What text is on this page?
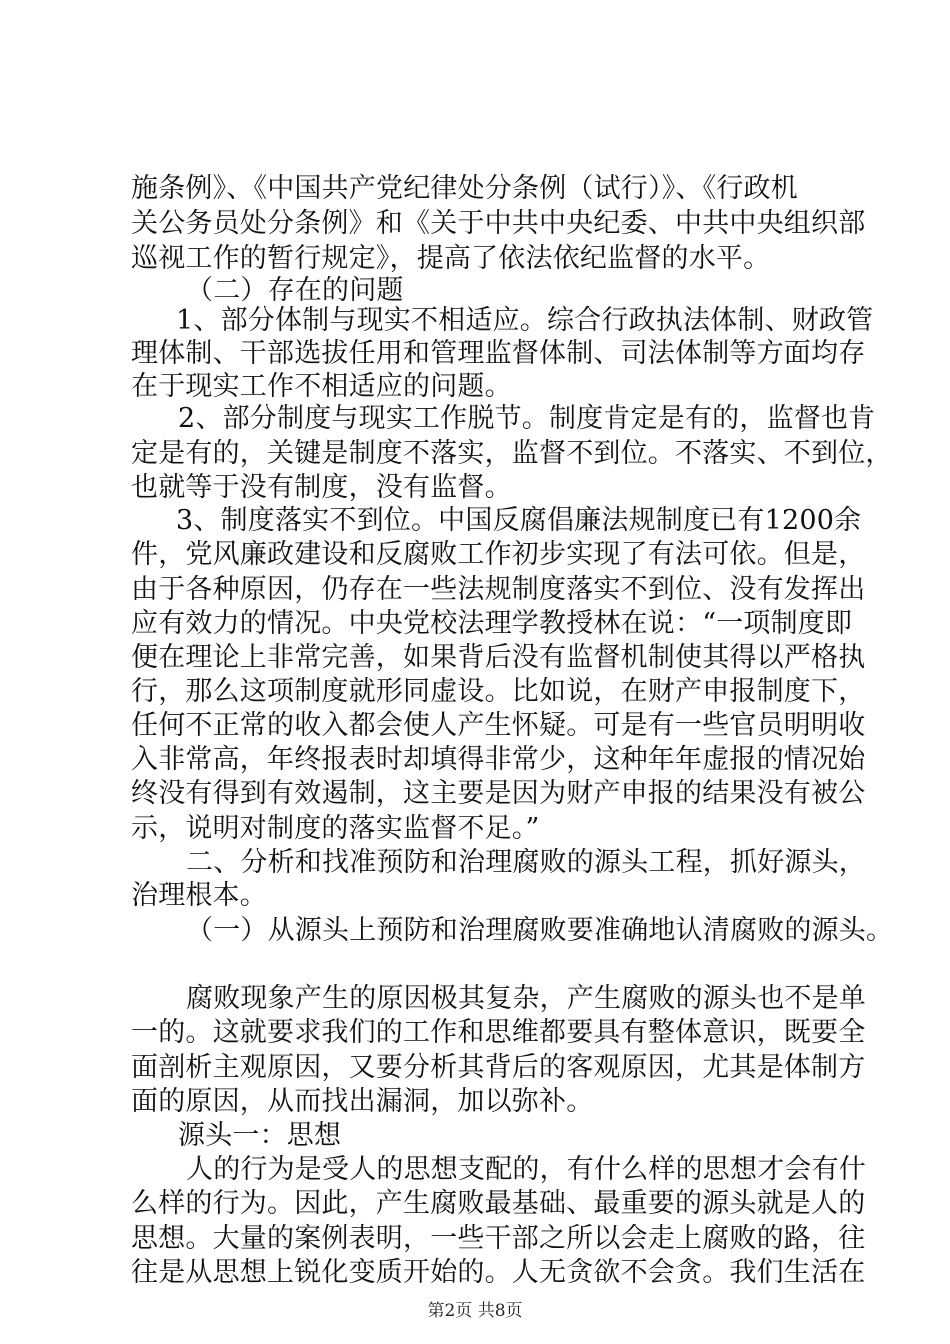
施条例》、《中国共产党纪律处分条例（试行）》、《行政机
关公务员处分条例》和《关于中共中央纪委、中共中央组织部
巡视工作的暂行规定》，提高了依法依纪监督的水平。
（二）存在的问题
1、部分体制与现实不相适应。综合行政执法体制、财政管
理体制、干部选拔任用和管理监督体制、司法体制等方面均存
在于现实工作不相适应的问题。
2、部分制度与现实工作脱节。制度肯定是有的，监督也肯
定是有的，关键是制度不落实，监督不到位。不落实、不到位，
也就等于没有制度，没有监督。
3、制度落实不到位。中国反腐倡廉法规制度已有1200余
件，党风廉政建设和反腐败工作初步实现了有法可依。但是，
由于各种原因，仍存在一些法规制度落实不到位、没有发挥出
应有效力的情况。中央党校法理学教授林在说：“一项制度即
便在理论上非常完善，如果背后没有监督机制使其得以严格执
行，那么这项制度就形同虚设。比如说，在财产申报制度下，
任何不正常的收入都会使人产生怀疑。可是有一些官员明明收
入非常高，年终报表时却填得非常少，这种年年虚报的情况始
终没有得到有效遏制，这主要是因为财产申报的结果没有被公
示，说明对制度的落实监督不足。”
二、分析和找准预防和治理腐败的源头工程，抓好源头，
治理根本。
（一）从源头上预防和治理腐败要准确地认清腐败的源头。
腐败现象产生的原因极其复杂，产生腐败的源头也不是单
一的。这就要求我们的工作和思维都要具有整体意识，既要全
面剖析主观原因，又要分析其背后的客观原因，尤其是体制方
面的原因，从而找出漏洞，加以弥补。
源头一：思想
人的行为是受人的思想支配的，有什么样的思想才会有什
么样的行为。因此，产生腐败最基础、最重要的源头就是人的
思想。大量的案例表明，一些干部之所以会走上腐败的路，往
往是从思想上锐化变质开始的。人无贪欲不会贪。我们生活在
第2页 共8页
